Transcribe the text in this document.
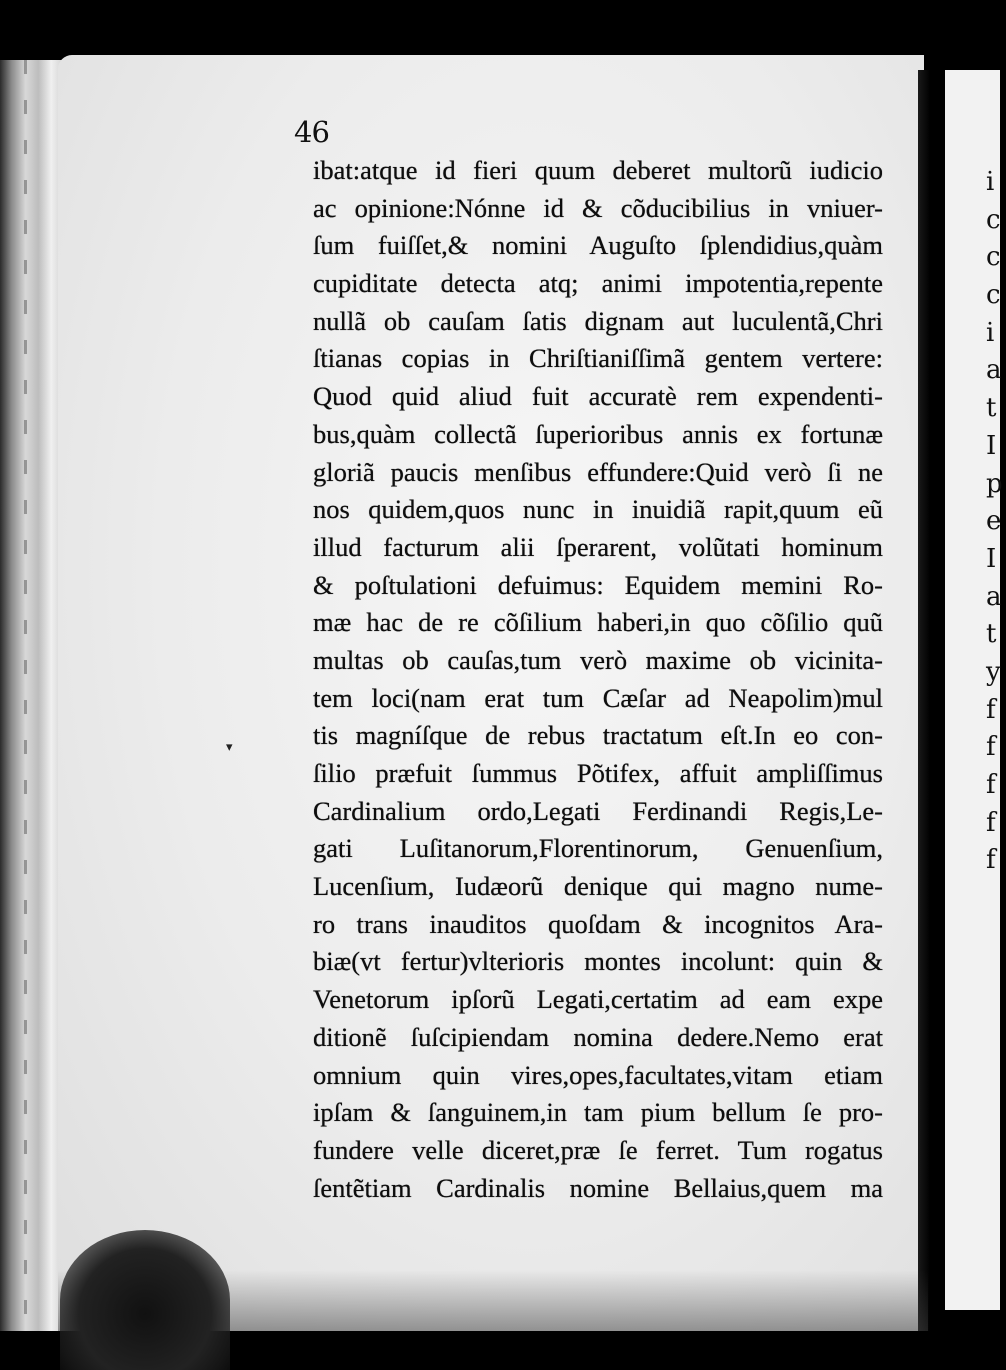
i
c
c
c
i
a
t
I
p
e
I
a
t
y
f
f
f
f
f
46
▾
ibat:atque id fieri quum deberet multorũ iudicio
ac opinione:Nónne id & cõducibilius in vniuer-
ſum fuiſſet,& nomini Auguſto ſplendidius,quàm
cupiditate detecta atq; animi impotentia,repente
nullã ob cauſam ſatis dignam aut luculentã,Chri
ſtianas copias in Chriſtianiſſimã gentem vertere:
Quod quid aliud fuit accuratè rem expendenti-
bus,quàm collectã ſuperioribus annis ex fortunæ
gloriã paucis menſibus effundere:Quid verò ſi ne
nos quidem,quos nunc in inuidiã rapit,quum eũ
illud facturum alii ſperarent, volũtati hominum
& poſtulationi defuimus: Equidem memini Ro-
mæ hac de re cõſilium haberi,in quo cõſilio quũ
multas ob cauſas,tum verò maxime ob vicinita-
tem loci(nam erat tum Cæſar ad Neapolim)mul
tis magníſque de rebus tractatum eſt.In eo con-
ſilio præfuit ſummus Põtifex, affuit ampliſſimus
Cardinalium ordo,Legati Ferdinandi Regis,Le-
gati Luſitanorum,Florentinorum, Genuenſium,
Lucenſium, Iudæorũ denique qui magno nume-
ro trans inauditos quoſdam & incognitos Ara-
biæ(vt fertur)vlterioris montes incolunt: quin &
Venetorum ipſorũ Legati,certatim ad eam expe
ditionẽ ſuſcipiendam nomina dedere.Nemo erat
omnium quin vires,opes,facultates,vitam etiam
ipſam & ſanguinem,in tam pium bellum ſe pro-
fundere velle diceret,præ ſe ferret. Tum rogatus
ſentẽtiam Cardinalis nomine Bellaius,quem ma
